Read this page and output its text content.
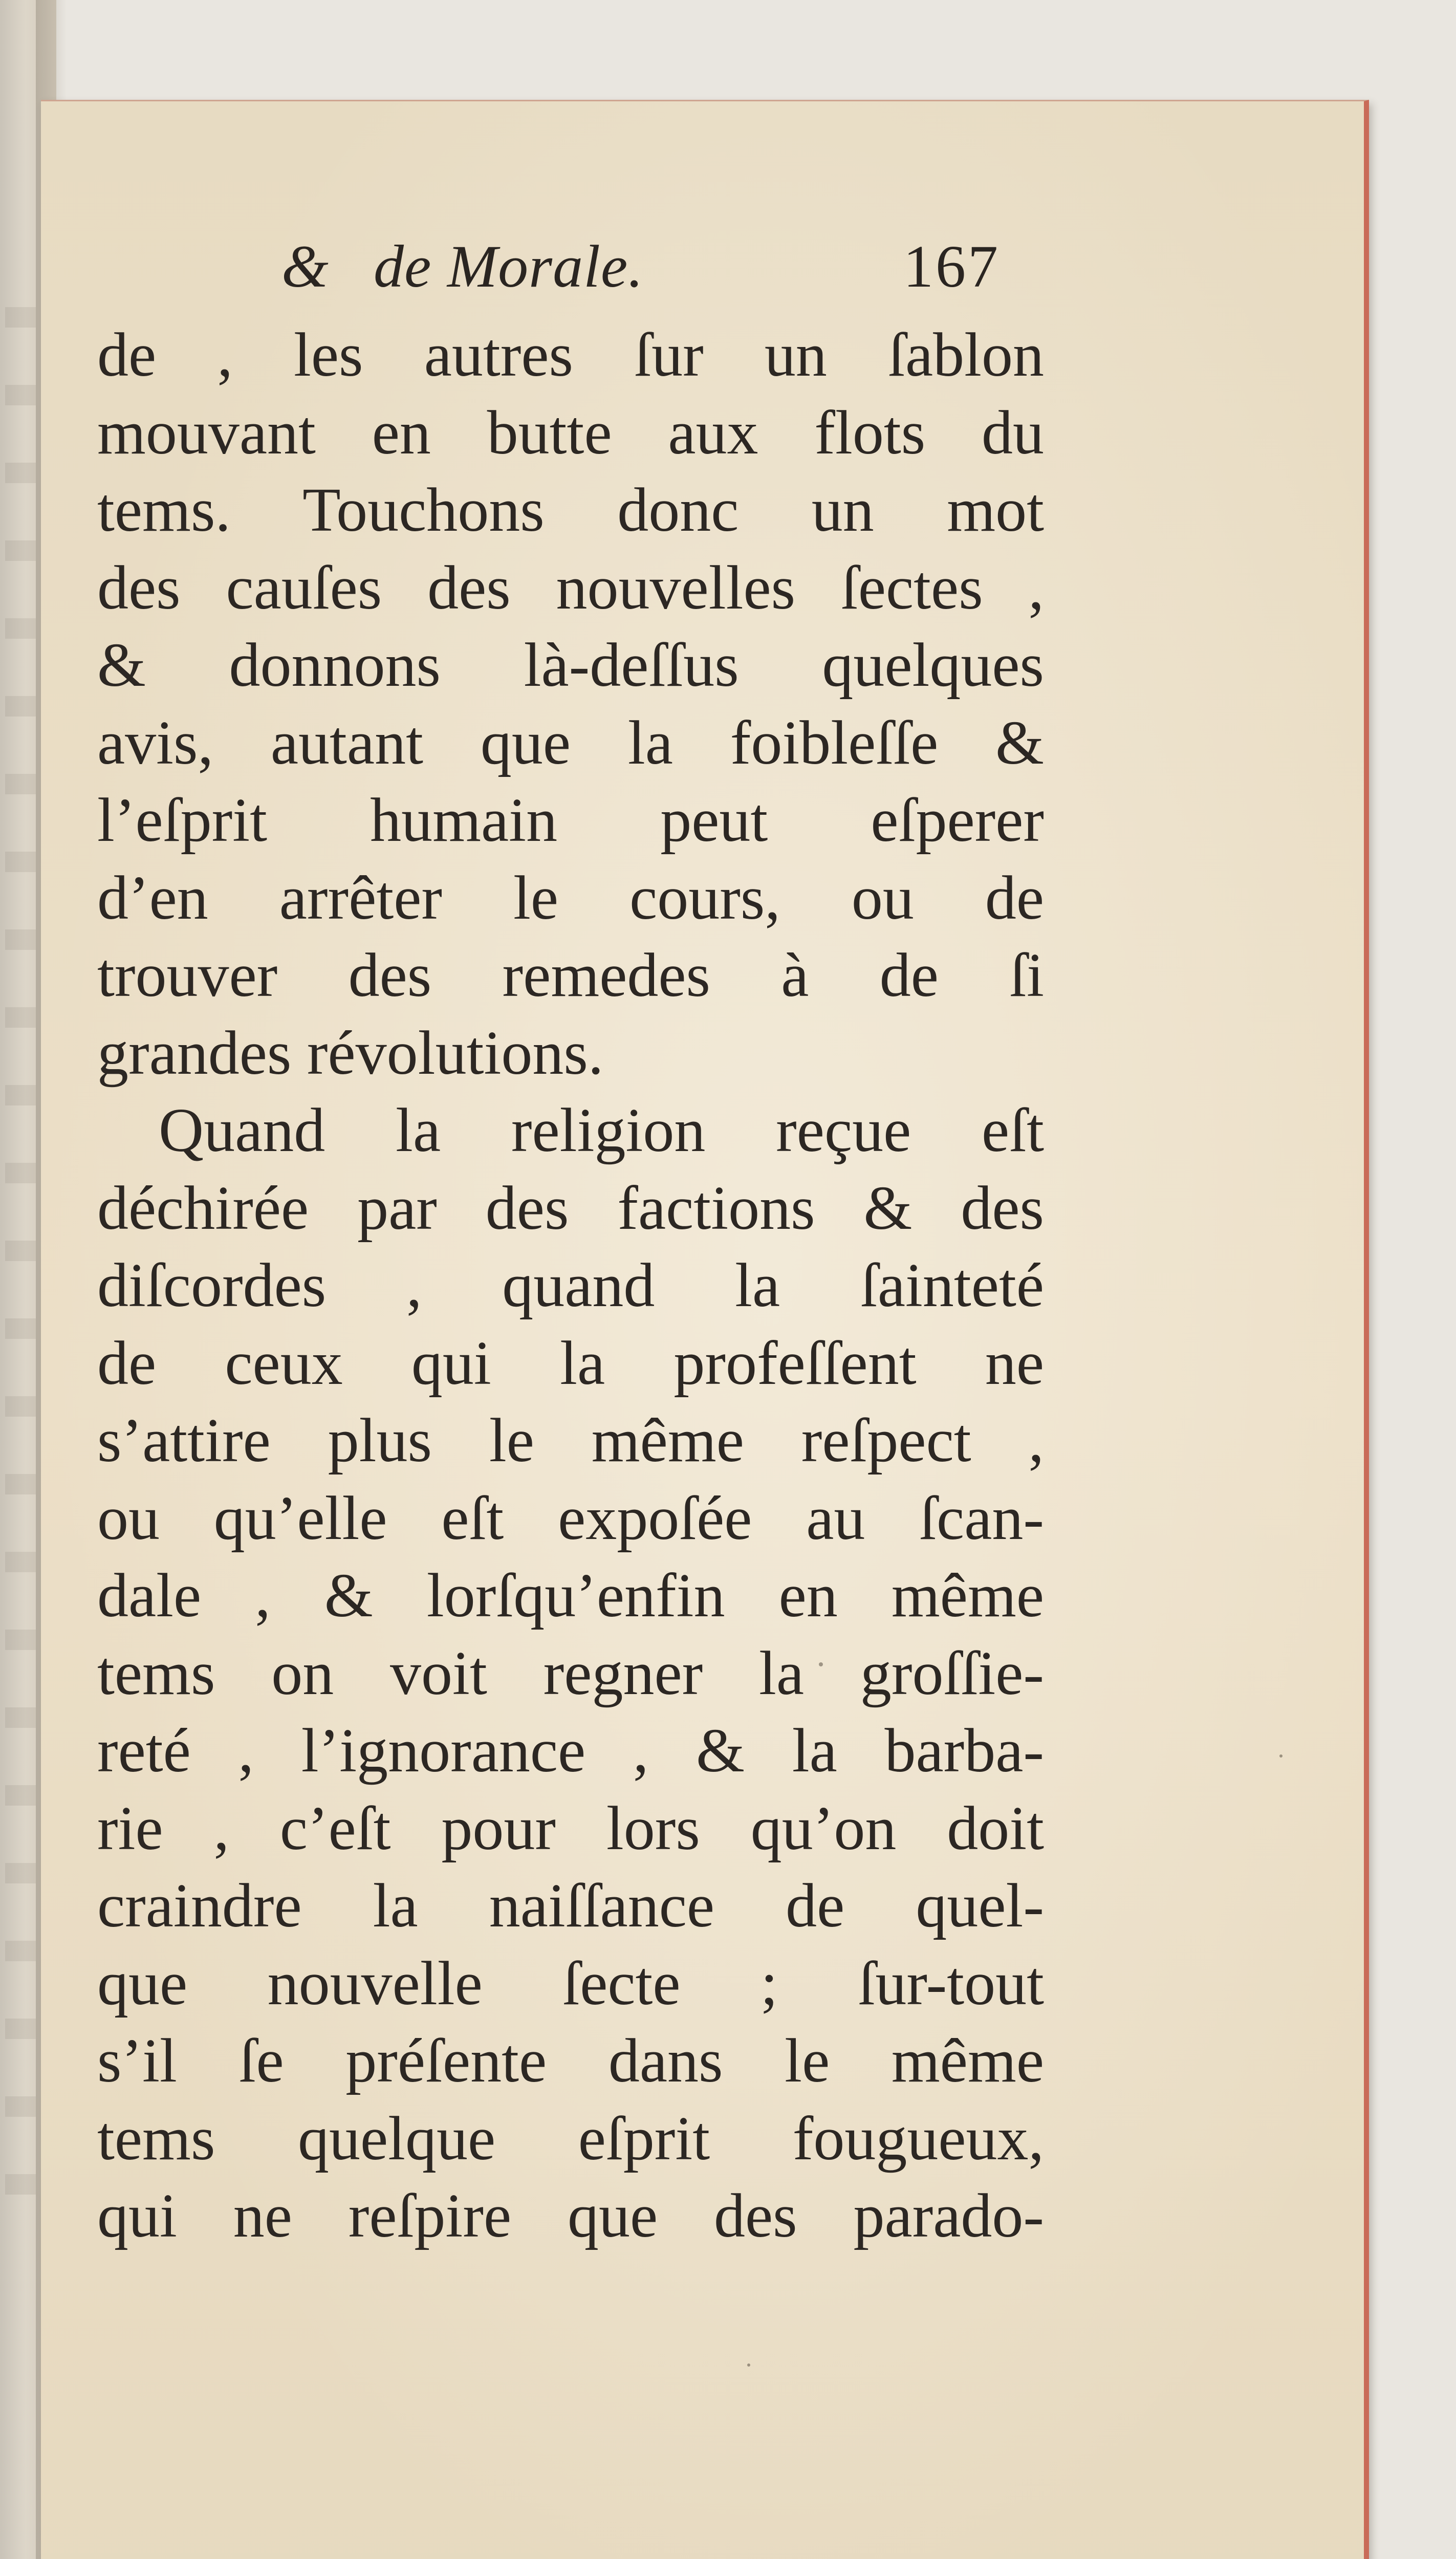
& de Morale.	167
de , les autres ſur un ſablon
mouvant en butte aux flots du
tems. Touchons donc un mot
des cauſes des nouvelles ſectes ,
& donnons là-deſſus quelques
avis, autant que la foibleſſe &
l’eſprit humain peut eſperer
d’en arrêter le cours, ou de
trouver des remedes à de ſi
grandes révolutions.
Quand la religion reçue eſt
déchirée par des factions & des
diſcordes , quand la ſainteté
de ceux qui la profeſſent ne
s’attire plus le même reſpect ,
ou qu’elle eſt expoſée au ſcan-
dale , & lorſqu’enfin en même
tems on voit regner la groſſie-
reté , l’ignorance , & la barba-
rie , c’eſt pour lors qu’on doit
craindre la naiſſance de quel-
que nouvelle ſecte ; ſur-tout
s’il ſe préſente dans le même
tems quelque eſprit fougueux,
qui ne reſpire que des parado-
